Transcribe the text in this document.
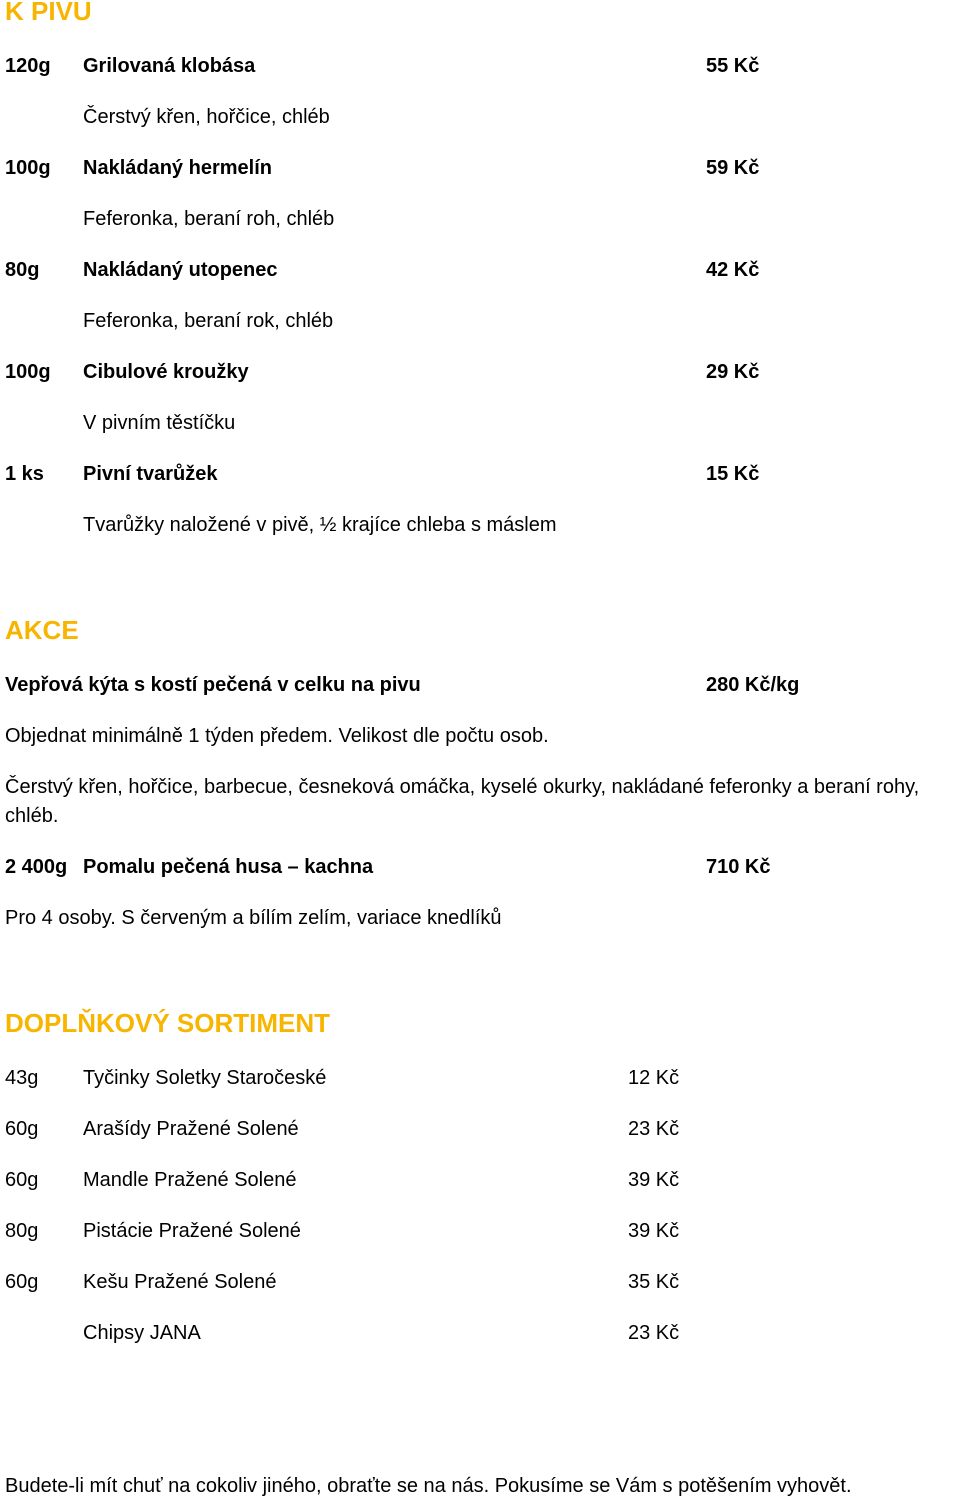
K PIVU
120g Grilovaná klobása	55 Kč
Čerstvý křen, hořčice, chléb
100g Nakládaný hermelín	59 Kč
Feferonka, beraní roh, chléb
80g Nakládaný utopenec	42 Kč
Feferonka, beraní rok, chléb
100g Cibulové kroužky	29 Kč
V pivním těstíčku
1 ks Pivní tvarůžek	15 Kč
Tvarůžky naložené v pivě, ½ krajíce chleba s máslem
AKCE
Vepřová kýta s kostí pečená v celku na pivu	280 Kč/kg
Objednat minimálně 1 týden předem. Velikost dle počtu osob.
Čerstvý křen, hořčice, barbecue, česneková omáčka, kyselé okurky, nakládané feferonky a beraní rohy, chléb.
2 400g Pomalu pečená husa – kachna	710 Kč
Pro 4 osoby. S červeným a bílím zelím, variace knedlíků
DOPLŇKOVÝ SORTIMENT
43g Tyčinky Soletky Staročeské	12 Kč
60g Arašídy Pražené Solené	23 Kč
60g Mandle Pražené Solené	39 Kč
80g Pistácie Pražené Solené	39 Kč
60g Kešu Pražené Solené	35 Kč
Chipsy JANA	23 Kč
Budete-li mít chuť na cokoliv jiného, obraťte se na nás. Pokusíme se Vám s potěšením vyhovět.
